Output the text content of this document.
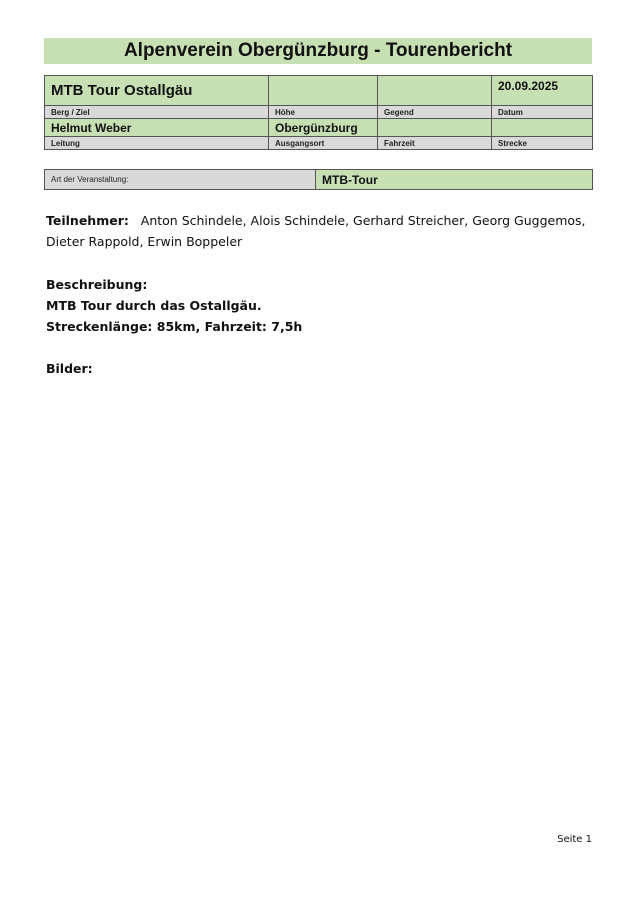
Alpenverein Obergünzburg - Tourenbericht
MTB Tour Ostallgäu			20.09.2025
Berg / Ziel	Höhe	Gegend	Datum
Helmut Weber	Obergünzburg		
Leitung	Ausgangsort	Fahrzeit	Strecke
Art der Veranstaltung:	MTB-Tour
Teilnehmer: Anton Schindele, Alois Schindele, Gerhard Streicher, Georg Guggemos, Dieter Rappold, Erwin Boppeler
Beschreibung:
MTB Tour durch das Ostallgäu.
Streckenlänge: 85km, Fahrzeit: 7,5h
Bilder:
Seite 1
